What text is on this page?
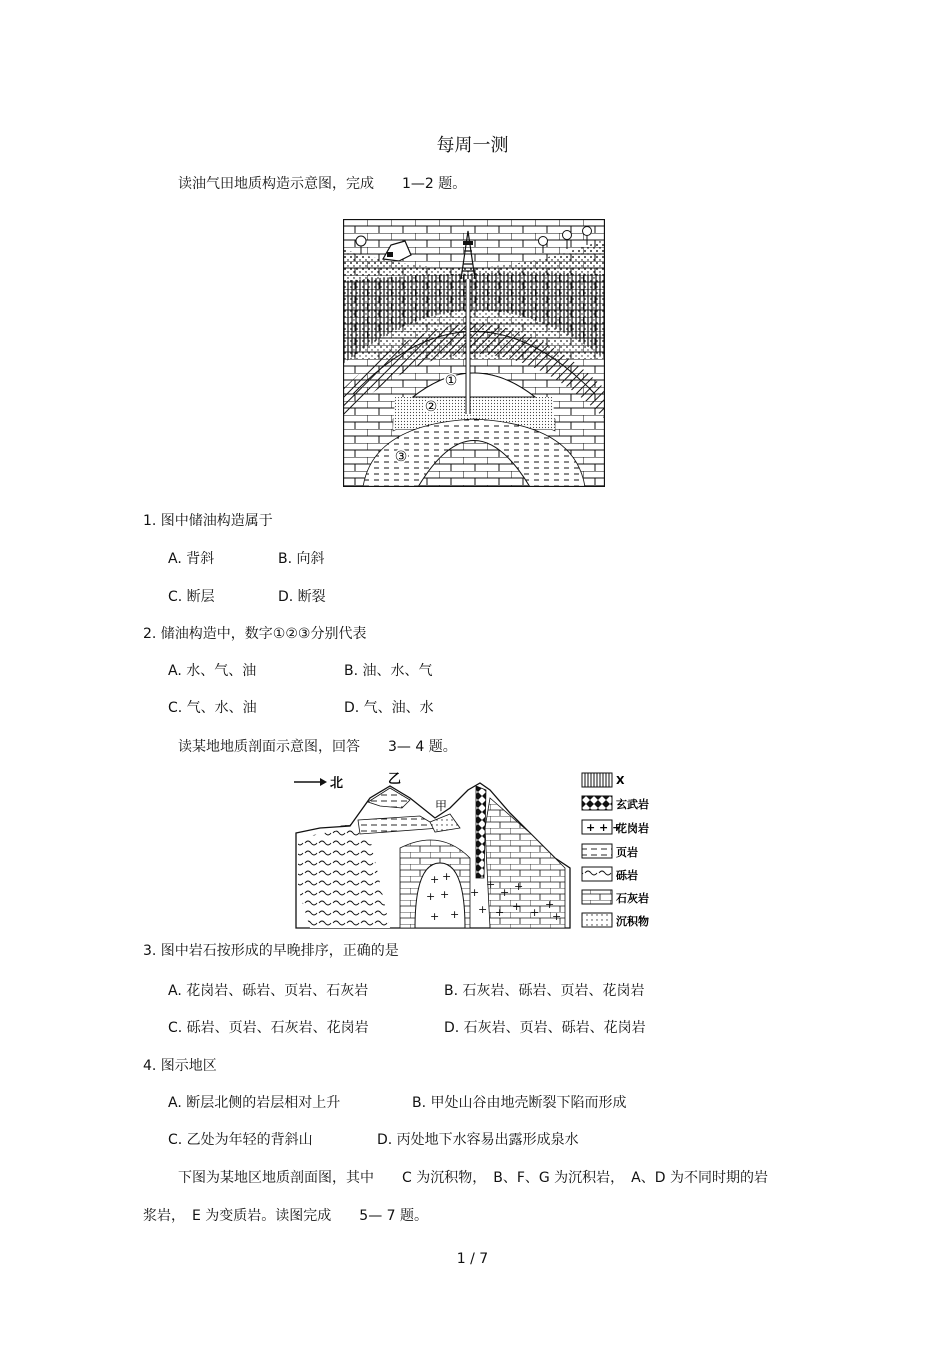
每周一测
读油气田地质构造示意图，完成　　1—2 题。
①
②
③
1. 图中储油构造属于
A. 背斜	B. 向斜
C. 断层	D. 断裂
2. 储油构造中，数字①②③分别代表
A. 水、气、油	B. 油、水、气
C. 气、水、油	D. 气、油、水
读某地地质剖面示意图，回答　　3— 4 题。
北	乙
甲
+ +
+ + +
+
+ +
+ + + +
+ +
+
+
+ + +
X
玄武岩
花岗岩
页岩
砾岩
石灰岩
沉积物
3. 图中岩石按形成的早晚排序，正确的是
A. 花岗岩、砾岩、页岩、石灰岩	B. 石灰岩、砾岩、页岩、花岗岩
C. 砾岩、页岩、石灰岩、花岗岩	D. 石灰岩、页岩、砾岩、花岗岩
4. 图示地区
A. 断层北侧的岩层相对上升	B. 甲处山谷由地壳断裂下陷而形成
C. 乙处为年轻的背斜山	D. 丙处地下水容易出露形成泉水
下图为某地区地质剖面图，其中　　C 为沉积物，　B、F、G 为沉积岩，　A、D 为不同时期的岩
浆岩，　E 为变质岩。读图完成　　5— 7 题。
1 / 7
